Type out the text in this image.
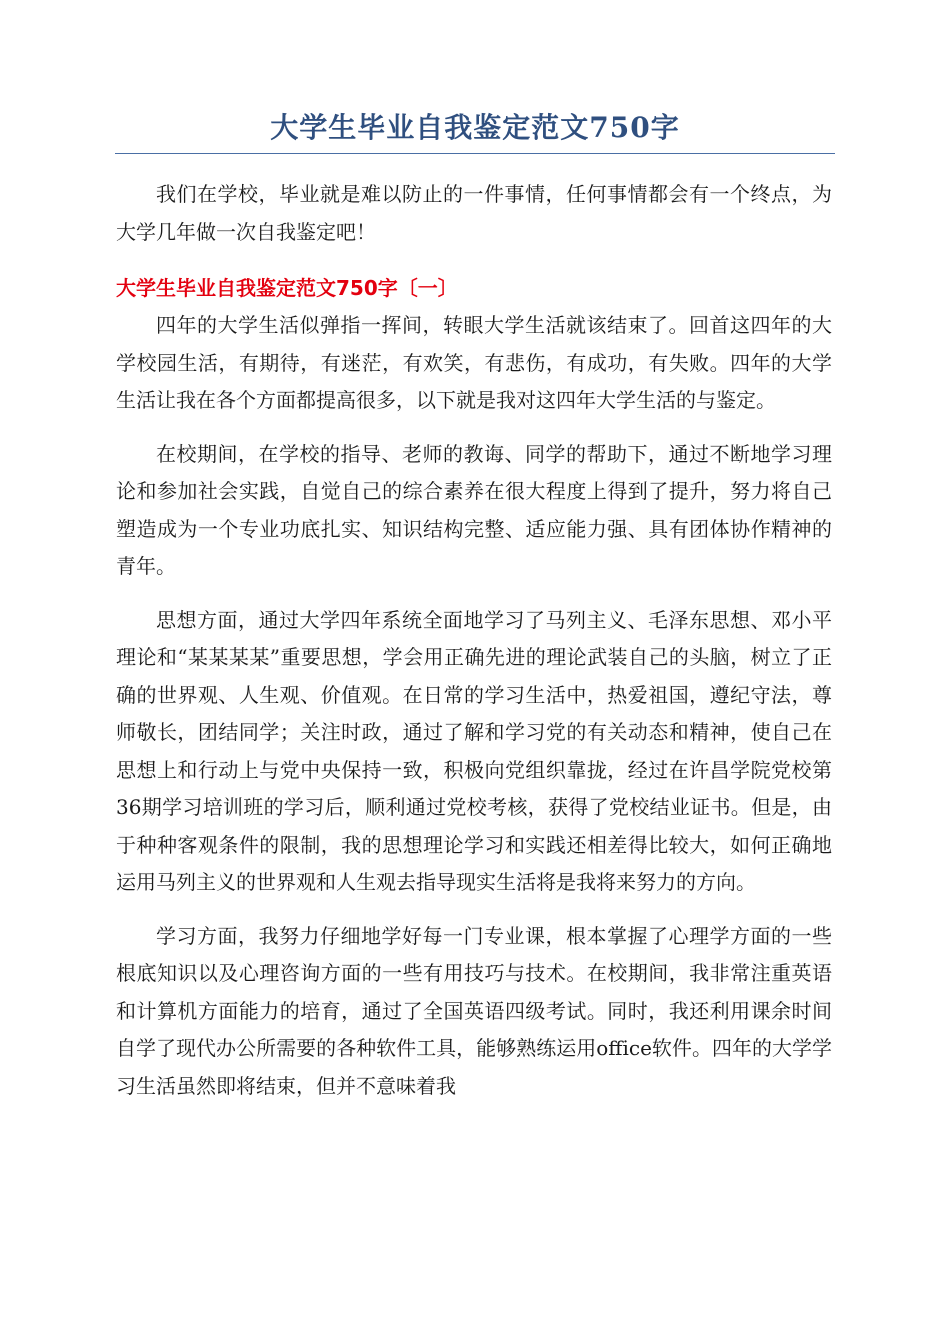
大学生毕业自我鉴定范文750字

我们在学校，毕业就是难以防止的一件事情，任何事情都会有一个终点，为大学几年做一次自我鉴定吧！

大学生毕业自我鉴定范文750字〔一〕

四年的大学生活似弹指一挥间，转眼大学生活就该结束了。回首这四年的大学校园生活，有期待，有迷茫，有欢笑，有悲伤，有成功，有失败。四年的大学生活让我在各个方面都提高很多，以下就是我对这四年大学生活的与鉴定。

在校期间，在学校的指导、老师的教诲、同学的帮助下，通过不断地学习理论和参加社会实践，自觉自己的综合素养在很大程度上得到了提升，努力将自己塑造成为一个专业功底扎实、知识结构完整、适应能力强、具有团体协作精神的青年。

思想方面，通过大学四年系统全面地学习了马列主义、毛泽东思想、邓小平理论和“某某某某”重要思想，学会用正确先进的理论武装自己的头脑，树立了正确的世界观、人生观、价值观。在日常的学习生活中，热爱祖国，遵纪守法，尊师敬长，团结同学；关注时政，通过了解和学习党的有关动态和精神，使自己在思想上和行动上与党中央保持一致，积极向党组织靠拢，经过在许昌学院党校第36期学习培训班的学习后，顺利通过党校考核，获得了党校结业证书。但是，由于种种客观条件的限制，我的思想理论学习和实践还相差得比较大，如何正确地运用马列主义的世界观和人生观去指导现实生活将是我将来努力的方向。

学习方面，我努力仔细地学好每一门专业课，根本掌握了心理学方面的一些根底知识以及心理咨询方面的一些有用技巧与技术。在校期间，我非常注重英语和计算机方面能力的培育，通过了全国英语四级考试。同时，我还利用课余时间自学了现代办公所需要的各种软件工具，能够熟练运用office软件。四年的大学学习生活虽然即将结束，但并不意味着我
